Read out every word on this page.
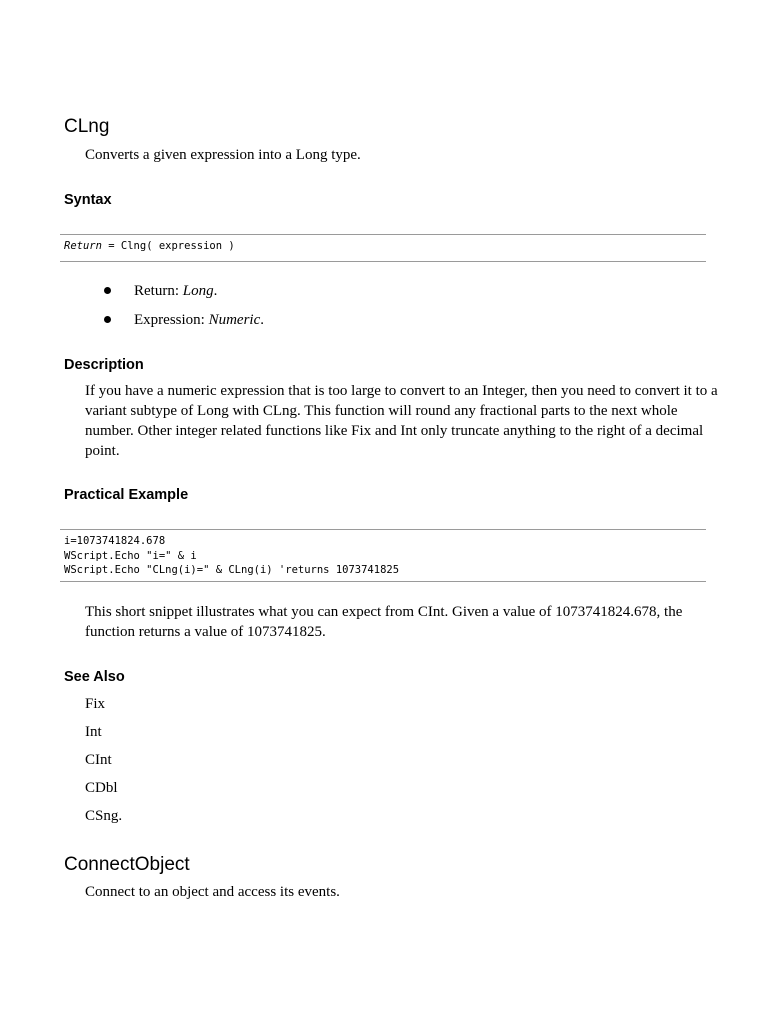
CLng

Converts a given expression into a Long type.

Syntax
Return = Clng( expression )
Return: Long.
Expression: Numeric.
Description

If you have a numeric expression that is too large to convert to an Integer, then you need to convert it to a variant subtype of Long with CLng. This function will round any fractional parts to the next whole number. Other integer related functions like Fix and Int only truncate anything to the right of a decimal point.

Practical Example
i=1073741824.678
WScript.Echo "i=" & i
WScript.Echo "CLng(i)=" & CLng(i) 'returns 1073741825

This short snippet illustrates what you can expect from CInt. Given a value of 1073741824.678, the function returns a value of 1073741825.

See Also
Fix
Int
CInt
CDbl
CSng.
ConnectObject

Connect to an object and access its events.
